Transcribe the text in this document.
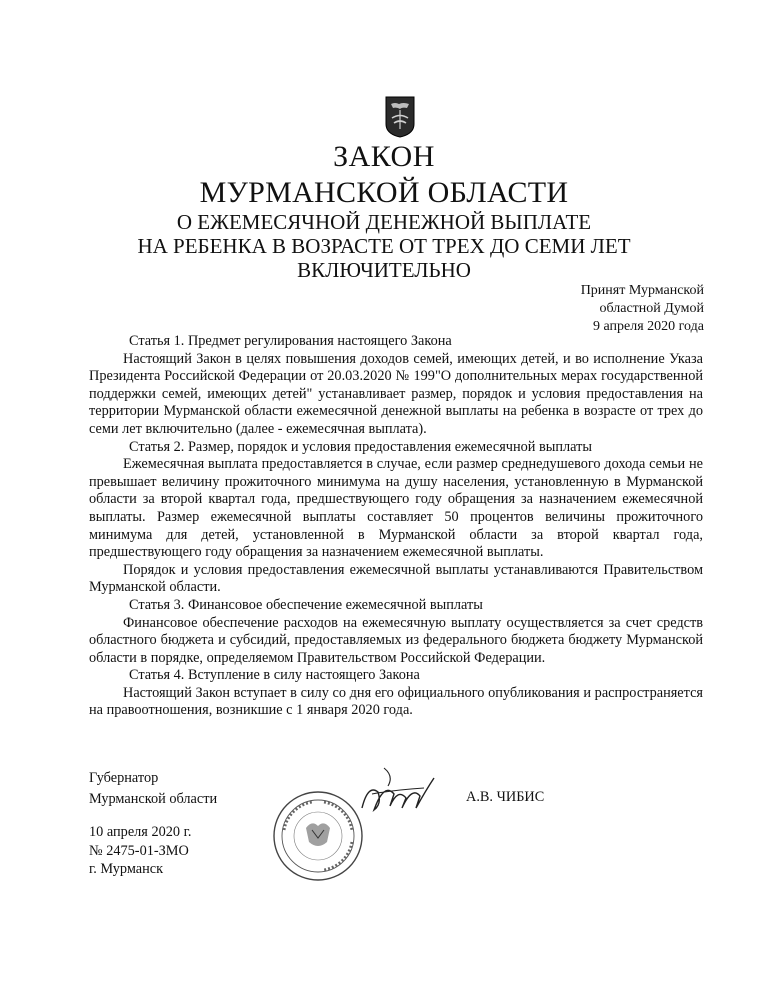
ЗАКОН
МУРМАНСКОЙ ОБЛАСТИ
О ЕЖЕМЕСЯЧНОЙ ДЕНЕЖНОЙ ВЫПЛАТЕ
НА РЕБЕНКА В ВОЗРАСТЕ ОТ ТРЕХ ДО СЕМИ ЛЕТ
ВКЛЮЧИТЕЛЬНО
Принят Мурманской
областной Думой
9 апреля 2020 года

Статья 1. Предмет регулирования настоящего Закона

Настоящий Закон в целях повышения доходов семей, имеющих детей, и во исполнение Указа Президента Российской Федерации от 20.03.2020 № 199"О дополнительных мерах государственной поддержки семей, имеющих детей" устанавливает размер, порядок и условия предоставления на территории Мурманской области ежемесячной денежной выплаты на ребенка в возрасте от трех до семи лет включительно (далее - ежемесячная выплата).

Статья 2. Размер, порядок и условия предоставления ежемесячной выплаты

Ежемесячная выплата предоставляется в случае, если размер среднедушевого дохода семьи не превышает величину прожиточного минимума на душу населения, установленную в Мурманской области за второй квартал года, предшествующего году обращения за назначением ежемесячной выплаты. Размер ежемесячной выплаты составляет 50 процентов величины прожиточного минимума для детей, установленной в Мурманской области за второй квартал года, предшествующего году обращения за назначением ежемесячной выплаты.

Порядок и условия предоставления ежемесячной выплаты устанавливаются Правительством Мурманской области.

Статья 3. Финансовое обеспечение ежемесячной выплаты

Финансовое обеспечение расходов на ежемесячную выплату осуществляется за счет средств областного бюджета и субсидий, предоставляемых из федерального бюджета бюджету Мурманской области в порядке, определяемом Правительством Российской Федерации.

Статья 4. Вступление в силу настоящего Закона

Настоящий Закон вступает в силу со дня его официального опубликования и распространяется на правоотношения, возникшие с 1 января 2020 года.

Губернатор
Мурманской области	А.В. ЧИБИС
10 апреля 2020 г.
№ 2475-01-ЗМО
г. Мурманск
